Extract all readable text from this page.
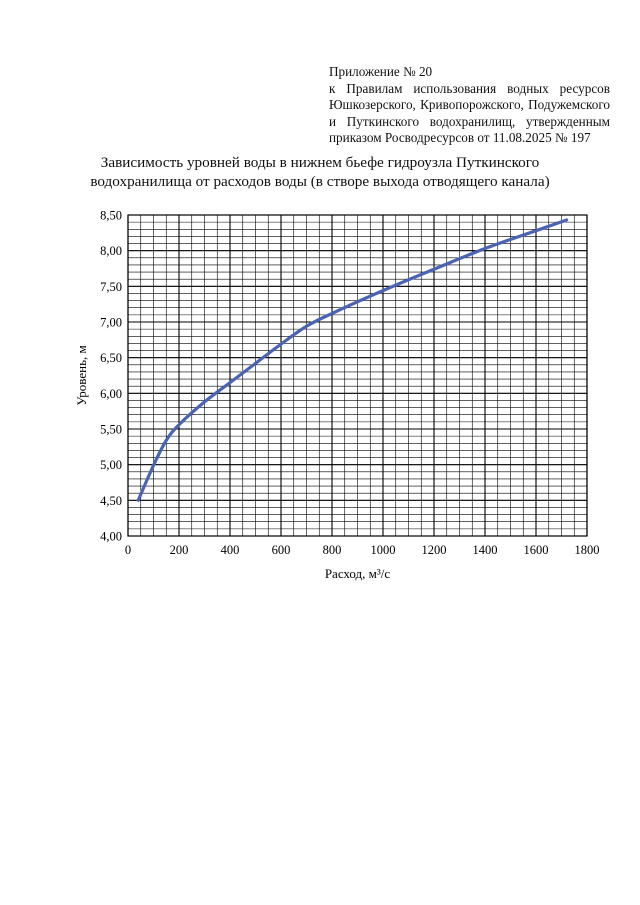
Приложение № 20
к Правилам использования водных ресурсов
Юшкозерского, Кривопорожского, Подужемского
и Путкинского водохранилищ, утвержденным
приказом Росводресурсов от 11.08.2025 № 197
Зависимость уровней воды в нижнем бьефе гидроузла Путкинского
водохранилища от расходов воды (в створе выхода отводящего канала)
0	200	400	600	800 1000 1200 1400 1600 1800
4,00
4,50
5,00
5,50
6,00
6,50
7,00
7,50
8,00
8,50
Расход, м³/с
Уровень, м
